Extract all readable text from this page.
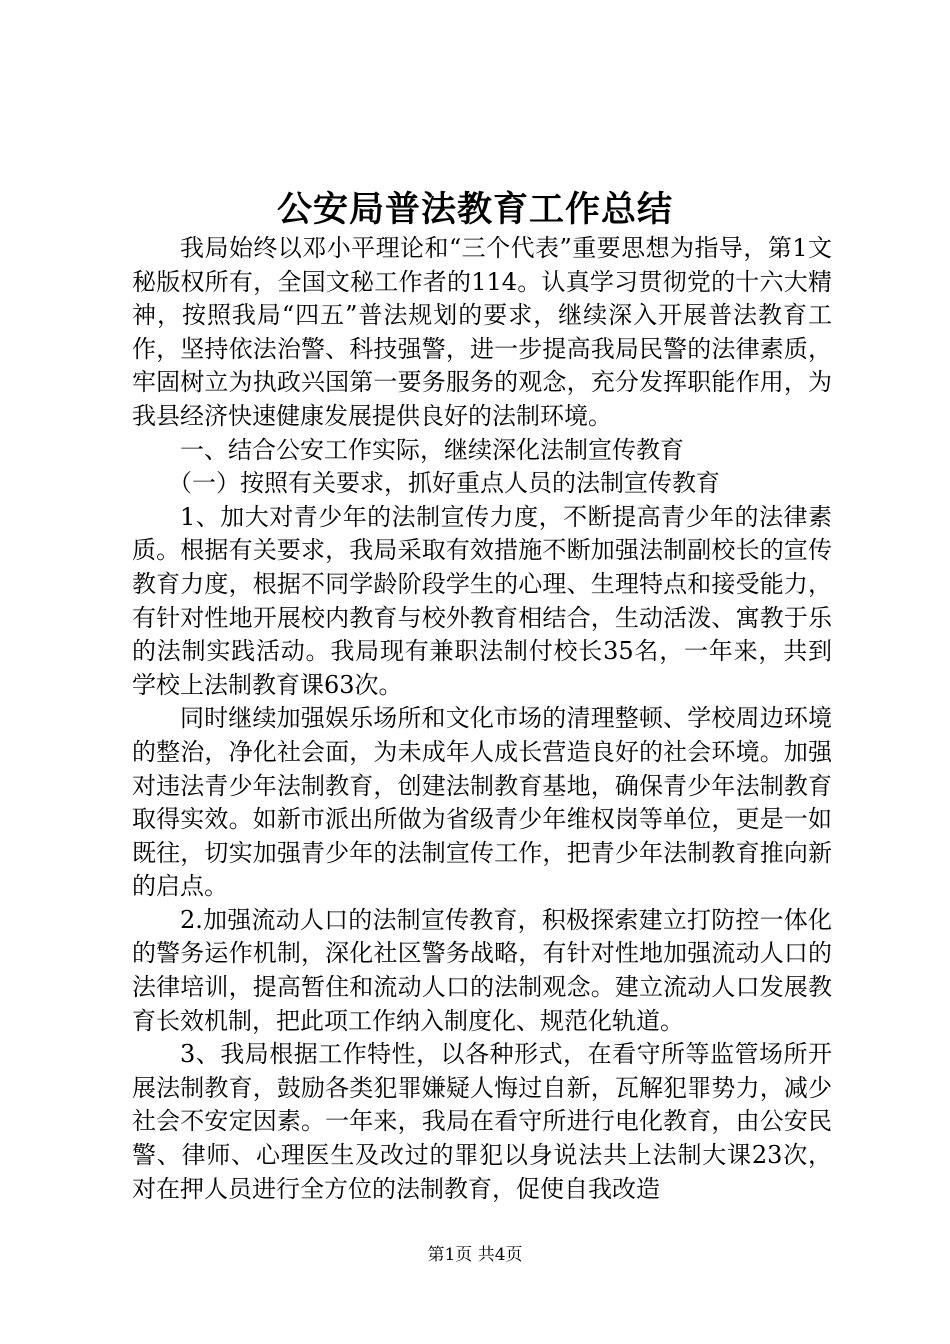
公安局普法教育工作总结

我局始终以邓小平理论和“三个代表”重要思想为指导，第1文秘版权所有，全国文秘工作者的114。认真学习贯彻党的十六大精神，按照我局“四五”普法规划的要求，继续深入开展普法教育工作，坚持依法治警、科技强警，进一步提高我局民警的法律素质，牢固树立为执政兴国第一要务服务的观念，充分发挥职能作用，为我县经济快速健康发展提供良好的法制环境。

一、结合公安工作实际，继续深化法制宣传教育

（一）按照有关要求，抓好重点人员的法制宣传教育

1、加大对青少年的法制宣传力度，不断提高青少年的法律素质。根据有关要求，我局采取有效措施不断加强法制副校长的宣传教育力度，根据不同学龄阶段学生的心理、生理特点和接受能力，有针对性地开展校内教育与校外教育相结合，生动活泼、寓教于乐的法制实践活动。我局现有兼职法制付校长35名，一年来，共到学校上法制教育课63次。

同时继续加强娱乐场所和文化市场的清理整顿、学校周边环境的整治，净化社会面，为未成年人成长营造良好的社会环境。加强对违法青少年法制教育，创建法制教育基地，确保青少年法制教育取得实效。如新市派出所做为省级青少年维权岗等单位，更是一如既往，切实加强青少年的法制宣传工作，把青少年法制教育推向新的启点。

2.加强流动人口的法制宣传教育，积极探索建立打防控一体化的警务运作机制，深化社区警务战略，有针对性地加强流动人口的法律培训，提高暂住和流动人口的法制观念。建立流动人口发展教育长效机制，把此项工作纳入制度化、规范化轨道。

3、我局根据工作特性，以各种形式，在看守所等监管场所开展法制教育，鼓励各类犯罪嫌疑人悔过自新，瓦解犯罪势力，减少社会不安定因素。一年来，我局在看守所进行电化教育，由公安民警、律师、心理医生及改过的罪犯以身说法共上法制大课23次，对在押人员进行全方位的法制教育，促使自我改造

第1页 共4页
